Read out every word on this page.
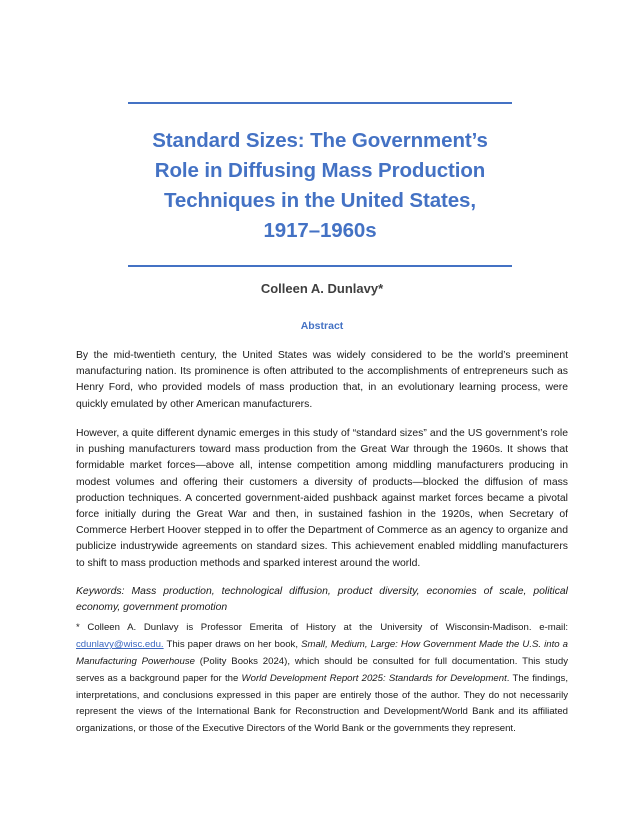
Standard Sizes: The Government’s
Role in Diffusing Mass Production
Techniques in the United States,
1917–1960s
Colleen A. Dunlavy*
Abstract

By the mid-twentieth century, the United States was widely considered to be the world’s preeminent manufacturing nation. Its prominence is often attributed to the accomplishments of entrepreneurs such as Henry Ford, who provided models of mass production that, in an evolutionary learning process, were quickly emulated by other American manufacturers.

However, a quite different dynamic emerges in this study of “standard sizes” and the US government’s role in pushing manufacturers toward mass production from the Great War through the 1960s. It shows that formidable market forces—above all, intense competition among middling manufacturers producing in modest volumes and offering their customers a diversity of products—blocked the diffusion of mass production techniques. A concerted government-aided pushback against market forces became a pivotal force initially during the Great War and then, in sustained fashion in the 1920s, when Secretary of Commerce Herbert Hoover stepped in to offer the Department of Commerce as an agency to organize and publicize industrywide agreements on standard sizes. This achievement enabled middling manufacturers to shift to mass production methods and sparked interest around the world.

Keywords: Mass production, technological diffusion, product diversity, economies of scale, political economy, government promotion

* Colleen A. Dunlavy is Professor Emerita of History at the University of Wisconsin-Madison. e-mail: cdunlavy@wisc.edu. This paper draws on her book, Small, Medium, Large: How Government Made the U.S. into a Manufacturing Powerhouse (Polity Books 2024), which should be consulted for full documentation. This study serves as a background paper for the World Development Report 2025: Standards for Development. The findings, interpretations, and conclusions expressed in this paper are entirely those of the author. They do not necessarily represent the views of the International Bank for Reconstruction and Development/World Bank and its affiliated organizations, or those of the Executive Directors of the World Bank or the governments they represent.
